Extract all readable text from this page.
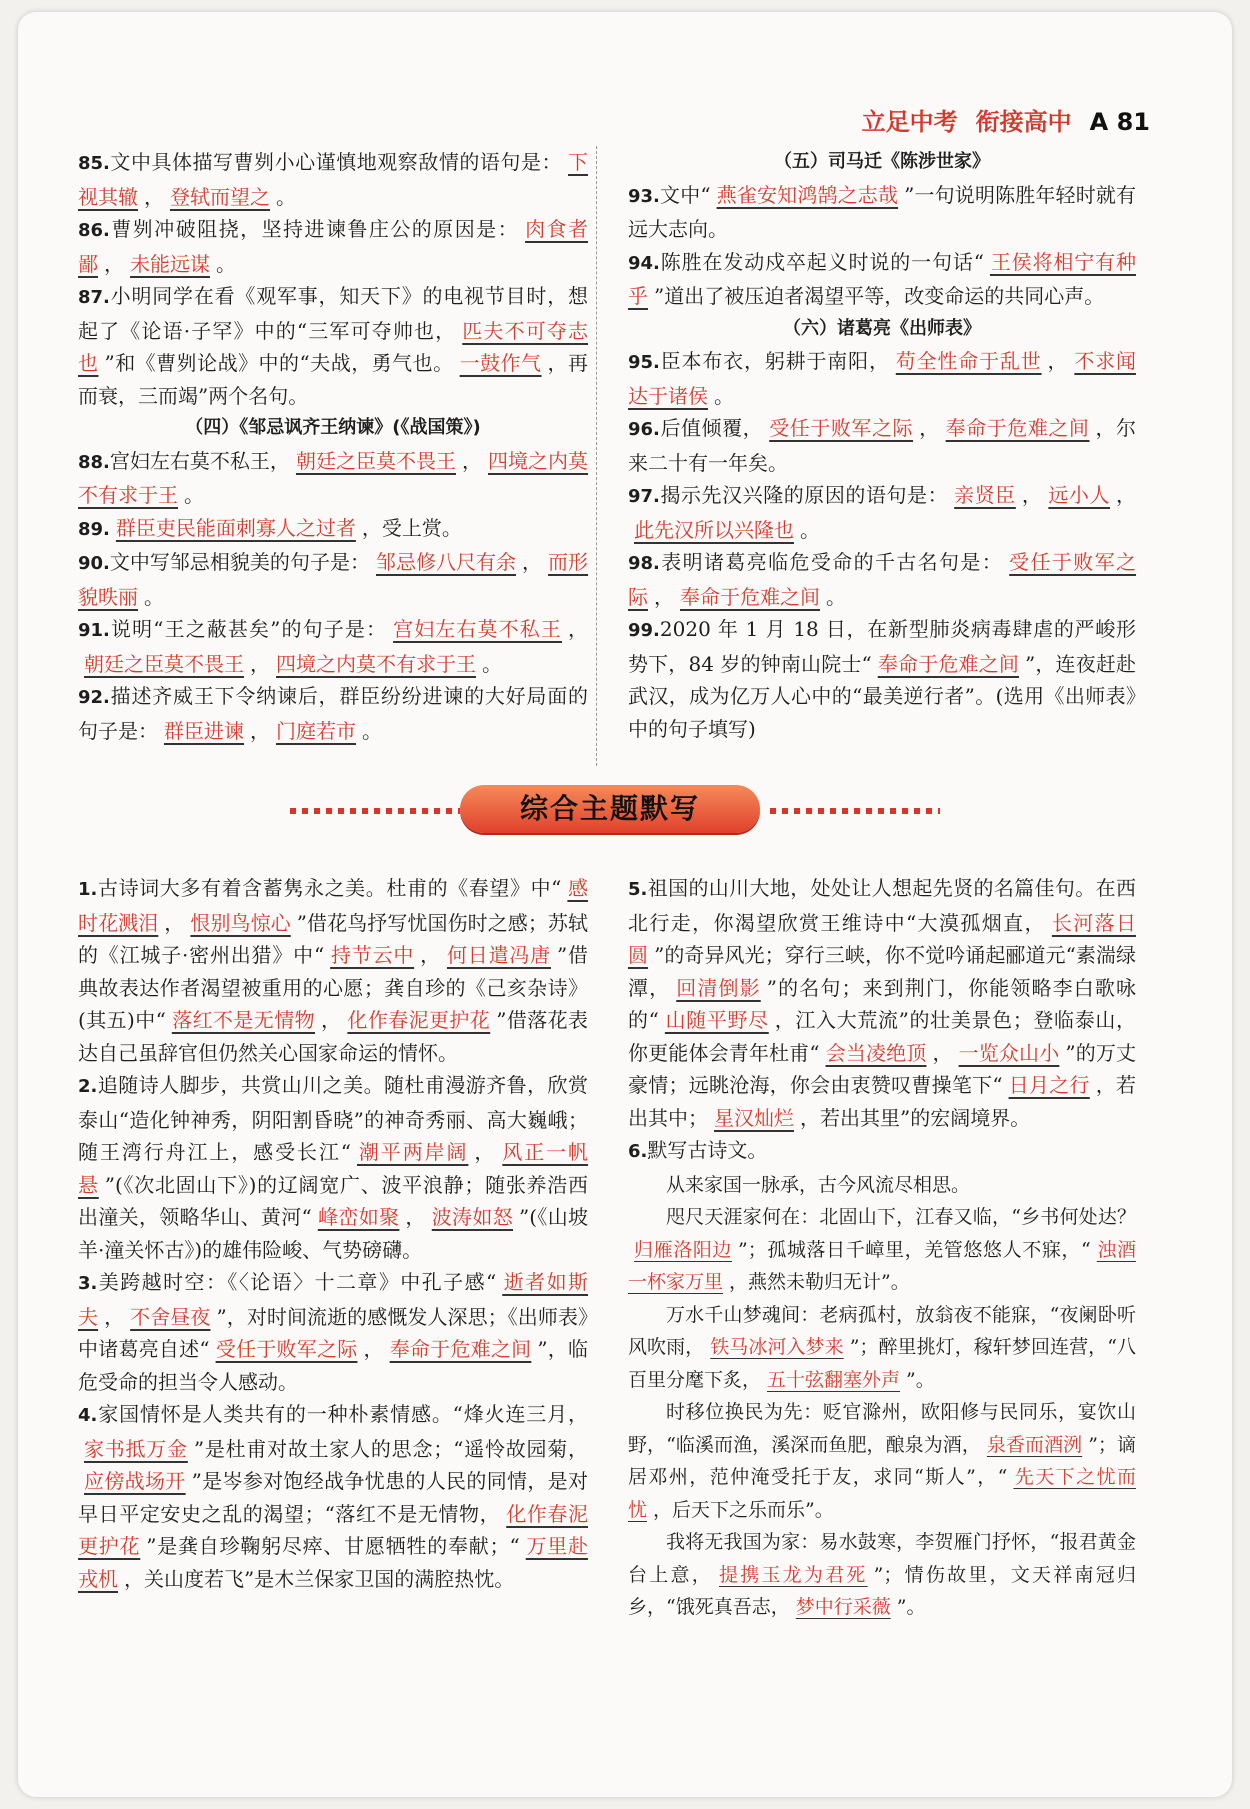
立足中考 衔接高中 A 81

85.文中具体描写曹刿小心谨慎地观察敌情的语句是： 下视其辙 ， 登轼而望之 。

86.曹刿冲破阻挠，坚持进谏鲁庄公的原因是： 肉食者鄙 ， 未能远谋 。

87.小明同学在看《观军事，知天下》的电视节目时，想起了《论语·子罕》中的“三军可夺帅也， 匹夫不可夺志也 ”和《曹刿论战》中的“夫战，勇气也。 一鼓作气 ，再而衰，三而竭”两个名句。

（四）《邹忌讽齐王纳谏》(《战国策》)

88.宫妇左右莫不私王， 朝廷之臣莫不畏王 ， 四境之内莫不有求于王 。

89. 群臣吏民能面刺寡人之过者 ，受上赏。

90.文中写邹忌相貌美的句子是： 邹忌修八尺有余 ， 而形貌昳丽 。

91.说明“王之蔽甚矣”的句子是： 宫妇左右莫不私王 ，朝廷之臣莫不畏王 ， 四境之内莫不有求于王 。

92.描述齐威王下令纳谏后，群臣纷纷进谏的大好局面的句子是： 群臣进谏 ， 门庭若市 。

（五）司马迁《陈涉世家》

93.文中“ 燕雀安知鸿鹄之志哉 ”一句说明陈胜年轻时就有远大志向。

94.陈胜在发动戍卒起义时说的一句话“ 王侯将相宁有种乎 ”道出了被压迫者渴望平等，改变命运的共同心声。

（六）诸葛亮《出师表》

95.臣本布衣，躬耕于南阳， 苟全性命于乱世 ， 不求闻达于诸侯 。

96.后值倾覆， 受任于败军之际 ， 奉命于危难之间 ，尔来二十有一年矣。

97.揭示先汉兴隆的原因的语句是： 亲贤臣 ， 远小人 ，此先汉所以兴隆也 。

98.表明诸葛亮临危受命的千古名句是： 受任于败军之际 ， 奉命于危难之间 。

99.2020 年 1 月 18 日，在新型肺炎病毒肆虐的严峻形势下，84 岁的钟南山院士“ 奉命于危难之间 ”，连夜赶赴武汉，成为亿万人心中的“最美逆行者”。(选用《出师表》中的句子填写)

综合主题默写

1.古诗词大多有着含蓄隽永之美。杜甫的《春望》中“ 感时花溅泪 ， 恨别鸟惊心 ”借花鸟抒写忧国伤时之感；苏轼的《江城子·密州出猎》中“ 持节云中 ， 何日遣冯唐 ”借典故表达作者渴望被重用的心愿；龚自珍的《己亥杂诗》(其五)中“ 落红不是无情物 ， 化作春泥更护花 ”借落花表达自己虽辞官但仍然关心国家命运的情怀。

2.追随诗人脚步，共赏山川之美。随杜甫漫游齐鲁，欣赏泰山“造化钟神秀，阴阳割昏晓”的神奇秀丽、高大巍峨；随王湾行舟江上，感受长江“ 潮平两岸阔 ， 风正一帆悬 ”(《次北固山下》)的辽阔宽广、波平浪静；随张养浩西出潼关，领略华山、黄河“ 峰峦如聚 ， 波涛如怒 ”(《山坡羊·潼关怀古》)的雄伟险峻、气势磅礴。

3.美跨越时空：《〈论语〉十二章》中孔子感“ 逝者如斯夫 ， 不舍昼夜 ”，对时间流逝的感慨发人深思；《出师表》中诸葛亮自述“ 受任于败军之际 ， 奉命于危难之间 ”，临危受命的担当令人感动。

4.家国情怀是人类共有的一种朴素情感。“烽火连三月，家书抵万金 ”是杜甫对故土家人的思念；“遥怜故园菊，应傍战场开 ”是岑参对饱经战争忧患的人民的同情，是对早日平定安史之乱的渴望；“落红不是无情物， 化作春泥更护花 ”是龚自珍鞠躬尽瘁、甘愿牺牲的奉献；“ 万里赴戎机 ，关山度若飞”是木兰保家卫国的满腔热忱。

5.祖国的山川大地，处处让人想起先贤的名篇佳句。在西北行走，你渴望欣赏王维诗中“大漠孤烟直， 长河落日圆 ”的奇异风光；穿行三峡，你不觉吟诵起郦道元“素湍绿潭， 回清倒影 ”的名句；来到荆门，你能领略李白歌咏的“ 山随平野尽 ，江入大荒流”的壮美景色；登临泰山，你更能体会青年杜甫“ 会当凌绝顶 ， 一览众山小 ”的万丈豪情；远眺沧海，你会由衷赞叹曹操笔下“ 日月之行 ，若出其中； 星汉灿烂 ，若出其里”的宏阔境界。

6.默写古诗文。

从来家国一脉承，古今风流尽相思。

咫尺天涯家何在：北固山下，江春又临，“乡书何处达？归雁洛阳边 ”；孤城落日千嶂里，羌管悠悠人不寐，“ 浊酒一杯家万里 ，燕然未勒归无计”。

万水千山梦魂间：老病孤村，放翁夜不能寐，“夜阑卧听风吹雨， 铁马冰河入梦来 ”；醉里挑灯，稼轩梦回连营，“八百里分麾下炙， 五十弦翻塞外声 ”。

时移位换民为先：贬官滁州，欧阳修与民同乐，宴饮山野，“临溪而渔，溪深而鱼肥，酿泉为酒， 泉香而酒洌 ”；谪居邓州，范仲淹受托于友，求同“斯人”，“ 先天下之忧而忧 ，后天下之乐而乐”。

我将无我国为家：易水鼓寒，李贺雁门抒怀，“报君黄金台上意， 提携玉龙为君死 ”；情伤故里，文天祥南冠归乡，“饿死真吾志， 梦中行采薇 ”。
